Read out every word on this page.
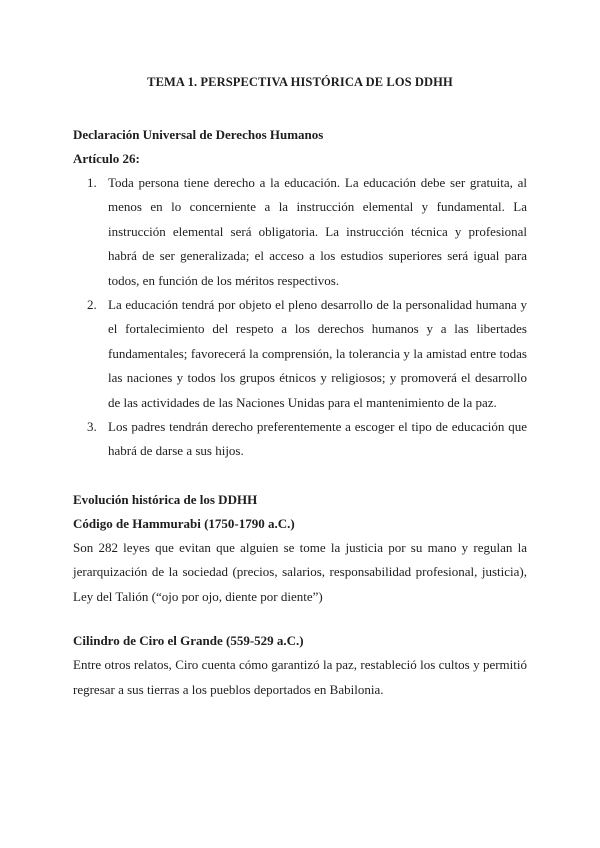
TEMA 1. PERSPECTIVA HISTÓRICA DE LOS DDHH
Declaración Universal de Derechos Humanos
Artículo 26:
1. Toda persona tiene derecho a la educación. La educación debe ser gratuita, al menos en lo concerniente a la instrucción elemental y fundamental. La instrucción elemental será obligatoria. La instrucción técnica y profesional habrá de ser generalizada; el acceso a los estudios superiores será igual para todos, en función de los méritos respectivos.
2. La educación tendrá por objeto el pleno desarrollo de la personalidad humana y el fortalecimiento del respeto a los derechos humanos y a las libertades fundamentales; favorecerá la comprensión, la tolerancia y la amistad entre todas las naciones y todos los grupos étnicos y religiosos; y promoverá el desarrollo de las actividades de las Naciones Unidas para el mantenimiento de la paz.
3. Los padres tendrán derecho preferentemente a escoger el tipo de educación que habrá de darse a sus hijos.
Evolución histórica de los DDHH
Código de Hammurabi (1750-1790 a.C.)

Son 282 leyes que evitan que alguien se tome la justicia por su mano y regulan la jerarquización de la sociedad (precios, salarios, responsabilidad profesional, justicia), Ley del Talión (“ojo por ojo, diente por diente”)

Cilindro de Ciro el Grande (559-529 a.C.)

Entre otros relatos, Ciro cuenta cómo garantizó la paz, restableció los cultos y permitió regresar a sus tierras a los pueblos deportados en Babilonia.
